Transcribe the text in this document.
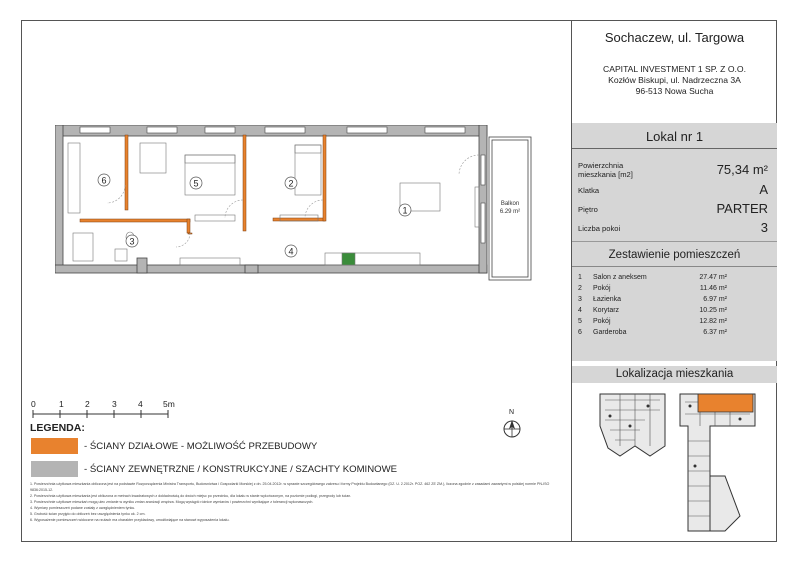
Sochaczew, ul. Targowa
CAPITAL INVESTMENT 1 SP. Z O.O.
Kozłów Biskupi, ul. Nadrzeczna 3A
96-513 Nowa Sucha
Lokal nr 1
Powierzchnia mieszkania [m2]	75,34 m²
Klatka	A
Piętro	PARTER
Liczba pokoi	3
Zestawienie pomieszczeń
1 Salon z aneksem	27.47 m²
2 Pokój	11.46 m²
3 Łazienka	6.97 m²
4 Korytarz	10.25 m²
5 Pokój	12.82 m²
6 Garderoba	6.37 m²
Lokalizacja mieszkania
6	5	2
1
3
4
Balkon
6.29 m²
0	1	2	3	4 5m
N
LEGENDA:
- ŚCIANY DZIAŁOWE - MOŻLIWOŚĆ PRZEBUDOWY
- ŚCIANY ZEWNĘTRZNE / KONSTRUKCYJNE / SZACHTY KOMINOWE
1. Powierzchnia użytkowa mieszkania obliczona jest na podstawie Rozporządzenia Ministra Transportu, Budownictwa i Gospodarki Morskiej z dn. 25.04.2012r. w sprawie szczegółowego zakresu i formy Projektu Budowlanego (DZ. U. 2.2012r. POZ. 462 ZE ZM.), liczona zgodnie z zasadami zawartymi w polskiej normie PN-ISO 9836:2015-12.
2. Powierzchnia użytkowa mieszkania jest obliczona w metrach kwadratowych z dokładnością do dwóch miejsc po przecinku, dla lokalu w stanie wykończonym, na poziomie podłogi, przegrody lub ścian.
3. Powierzchnie użytkowe mieszkań mogą ulec zmianie w wyniku zmian aranżacji wnętrza. Mogą wystąpić różnice wymiarów i powierzchni wynikające z tolerancji wykonawczych.
4. Wymiary pomieszczeń podane zostały z uwzględnieniem tynku.
5. Grubość ścian przyjęto do obliczeń bez uwzględnienia tynku ok. 2 cm.
6. Wyposażenie pomieszczeń widoczne na rzutach ma charakter przykładowy, umożliwiające na stanowi wyposażenia lokalu.
